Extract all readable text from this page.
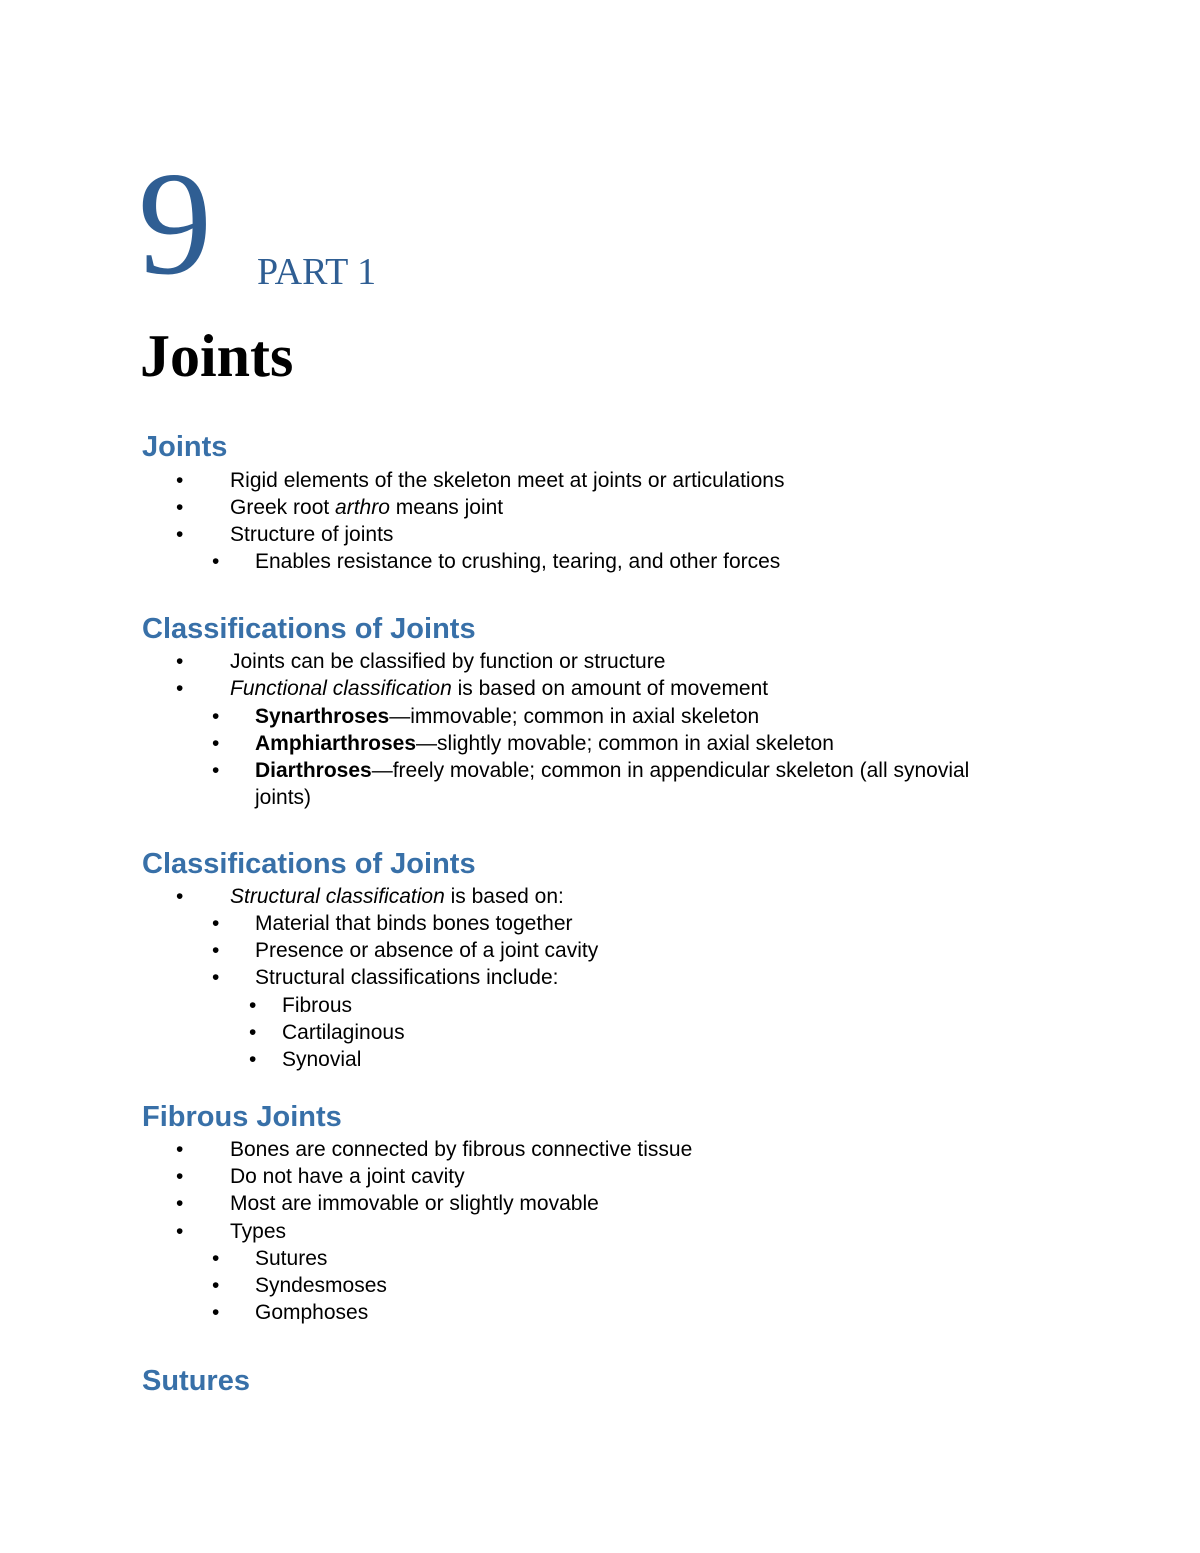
9 PART 1
Joints
Joints
• Rigid elements of the skeleton meet at joints or articulations
• Greek root arthro means joint
• Structure of joints
• Enables resistance to crushing, tearing, and other forces
Classifications of Joints
• Joints can be classified by function or structure
• Functional classification is based on amount of movement
• Synarthroses—immovable; common in axial skeleton
• Amphiarthroses—slightly movable; common in axial skeleton
• Diarthroses—freely movable; common in appendicular skeleton (all synovial
joints)
Classifications of Joints
• Structural classification is based on:
• Material that binds bones together
• Presence or absence of a joint cavity
• Structural classifications include:
• Fibrous
• Cartilaginous
• Synovial
Fibrous Joints
• Bones are connected by fibrous connective tissue
• Do not have a joint cavity
• Most are immovable or slightly movable
• Types
• Sutures
• Syndesmoses
• Gomphoses
Sutures
